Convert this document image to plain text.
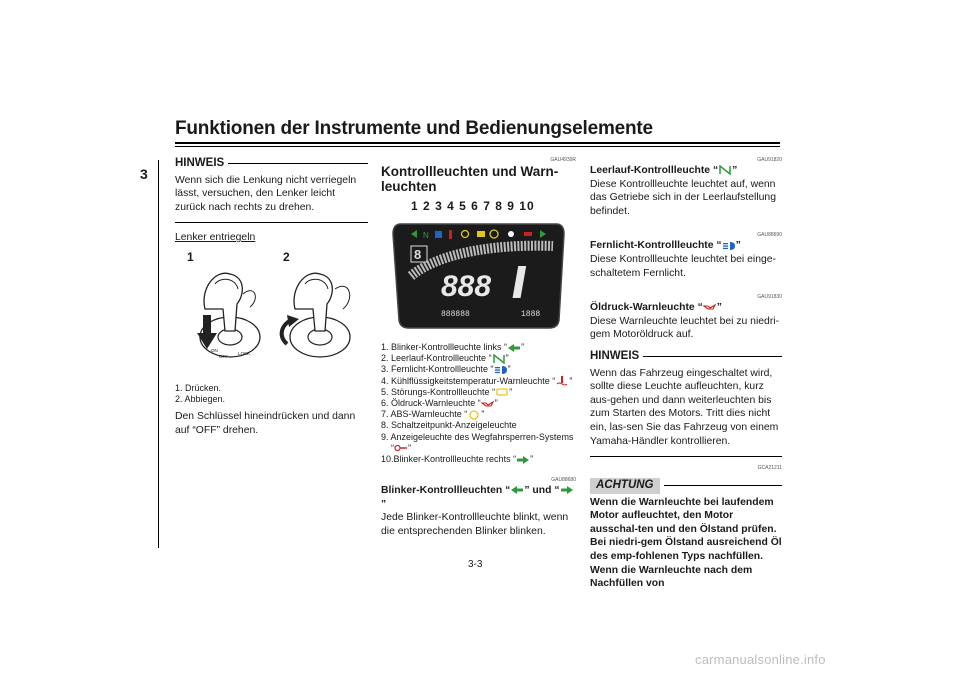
Funktionen der Instrumente und Bedienungselemente
3
HINWEIS

Wenn sich die Lenkung nicht verriegeln lässt, versuchen, den Lenker leicht zurück nach rechts zu drehen.

Lenker entriegeln

1	2
ON
OFF
LOCK
1. Drücken.
2. Abbiegen.

Den Schlüssel hineindrücken und dann auf “OFF” drehen.

GAU4939R
Kontrollleuchten und Warn-leuchten
1 2 3 4 5 6 7 8 9 10
N
8
888
888888	1888
1. Blinker-Kontrollleuchte links “ ”
2. Leerlauf-Kontrollleuchte “ ”
3. Fernlicht-Kontrollleuchte “ ”
4. Kühlflüssigkeitstemperatur-Warnleuchte “ ”
5. Störungs-Kontrollleuchte “ ”
6. Öldruck-Warnleuchte “ ”
7. ABS-Warnleuchte “ ”
8. Schaltzeitpunkt-Anzeigeleuchte
9. Anzeigeleuchte des Wegfahrsperren-Systems “ ”
10.Blinker-Kontrollleuchte rechts “ ”
GAU88680
Blinker-Kontrollleuchten “ ” und “”

Jede Blinker-Kontrollleuchte blinkt, wenn die entsprechenden Blinker blinken.

GAU91820
Leerlauf-Kontrollleuchte “ ”

Diese Kontrollleuchte leuchtet auf, wenn das Getriebe sich in der Leerlaufstellung befindet.

GAU88690
Fernlicht-Kontrollleuchte “ ”

Diese Kontrollleuchte leuchtet bei einge-schaltetem Fernlicht.

GAU91830
Öldruck-Warnleuchte “ ”

Diese Warnleuchte leuchtet bei zu niedri-gem Motoröldruck auf.

HINWEIS

Wenn das Fahrzeug eingeschaltet wird, sollte diese Leuchte aufleuchten, kurz aus-gehen und dann weiterleuchten bis zum Starten des Motors. Tritt dies nicht ein, las-sen Sie das Fahrzeug von einem Yamaha-Händler kontrollieren.

GCA21211
ACHTUNG

Wenn die Warnleuchte bei laufendem Motor aufleuchtet, den Motor ausschal-ten und den Ölstand prüfen. Bei niedri-gem Ölstand ausreichend Öl des emp-fohlenen Typs nachfüllen. Wenn die Warnleuchte nach dem Nachfüllen von

3-3
carmanualsonline.info
